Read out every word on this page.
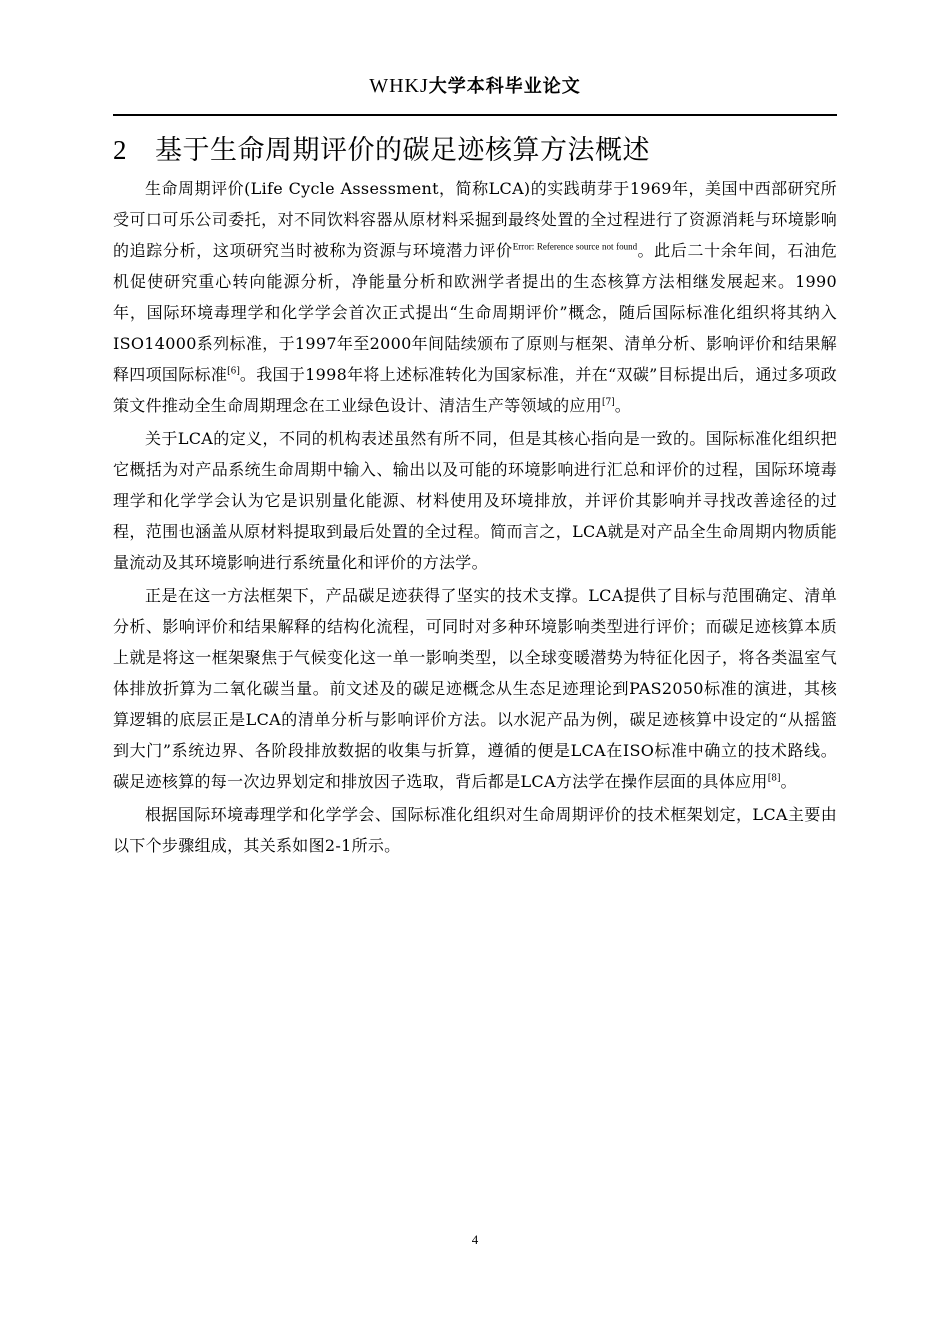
WHKJ大学本科毕业论文
2 基于生命周期评价的碳足迹核算方法概述

生命周期评价(Life Cycle Assessment，简称LCA)的实践萌芽于1969年，美国中西部研究所受可口可乐公司委托，对不同饮料容器从原材料采掘到最终处置的全过程进行了资源消耗与环境影响的追踪分析，这项研究当时被称为资源与环境潜力评价$^{Error: Reference source not found}$。此后二十余年间，石油危机促使研究重心转向能源分析，净能量分析和欧洲学者提出的生态核算方法相继发展起来。1990年，国际环境毒理学和化学学会首次正式提出“生命周期评价”概念，随后国际标准化组织将其纳入ISO14000系列标准，于1997年至2000年间陆续颁布了原则与框架、清单分析、影响评价和结果解释四项国际标准[6]。我国于1998年将上述标准转化为国家标准，并在“双碳”目标提出后，通过多项政策文件推动全生命周期理念在工业绿色设计、清洁生产等领域的应用[7]。

关于LCA的定义，不同的机构表述虽然有所不同，但是其核心指向是一致的。国际标准化组织把它概括为对产品系统生命周期中输入、输出以及可能的环境影响进行汇总和评价的过程，国际环境毒理学和化学学会认为它是识别量化能源、材料使用及环境排放，并评价其影响并寻找改善途径的过程，范围也涵盖从原材料提取到最后处置的全过程。简而言之，LCA就是对产品全生命周期内物质能量流动及其环境影响进行系统量化和评价的方法学。

正是在这一方法框架下，产品碳足迹获得了坚实的技术支撑。LCA提供了目标与范围确定、清单分析、影响评价和结果解释的结构化流程，可同时对多种环境影响类型进行评价；而碳足迹核算本质上就是将这一框架聚焦于气候变化这一单一影响类型，以全球变暖潜势为特征化因子，将各类温室气体排放折算为二氧化碳当量。前文述及的碳足迹概念从生态足迹理论到PAS2050标准的演进，其核算逻辑的底层正是LCA的清单分析与影响评价方法。以水泥产品为例，碳足迹核算中设定的“从摇篮到大门”系统边界、各阶段排放数据的收集与折算，遵循的便是LCA在ISO标准中确立的技术路线。碳足迹核算的每一次边界划定和排放因子选取，背后都是LCA方法学在操作层面的具体应用[8]。

根据国际环境毒理学和化学学会、国际标准化组织对生命周期评价的技术框架划定，LCA主要由以下个步骤组成，其关系如图2-1所示。

4
